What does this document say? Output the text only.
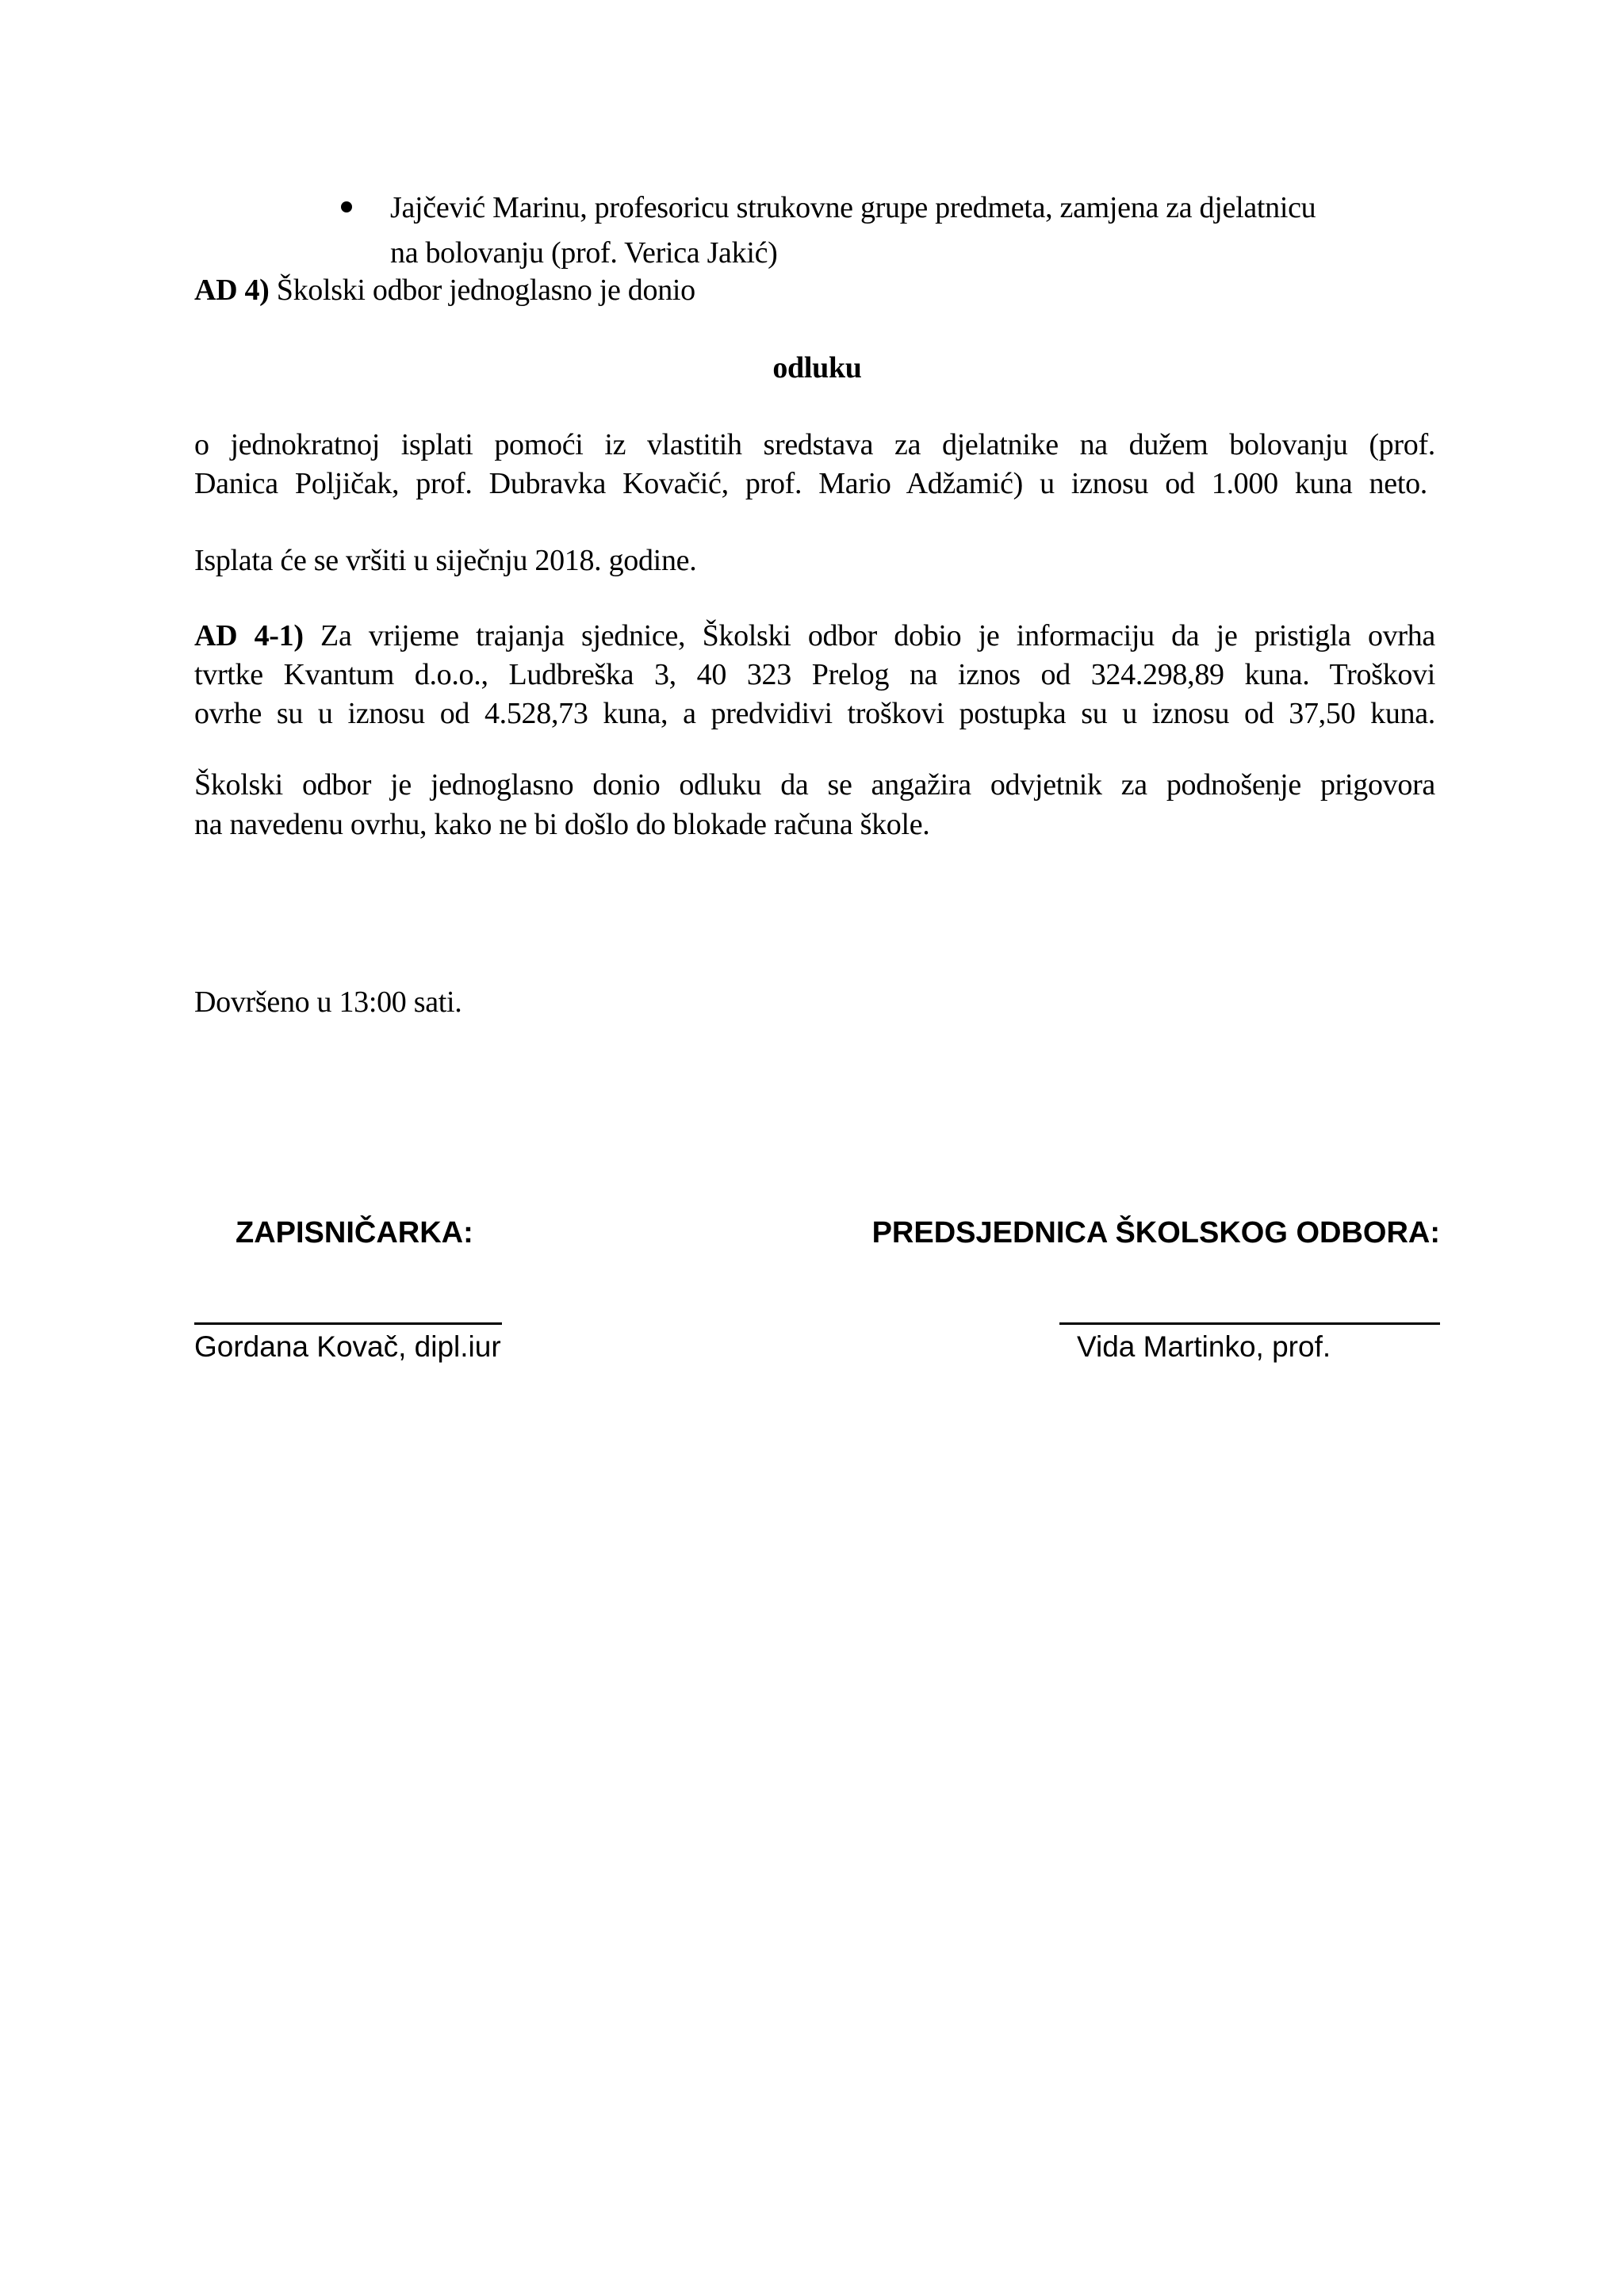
Jajčević Marinu, profesoricu strukovne grupe predmeta, zamjena za djelatnicu
na bolovanju (prof. Verica Jakić)
AD 4) Školski odbor jednoglasno je donio
odluku
o jednokratnoj isplati pomoći iz vlastitih sredstava za djelatnike na dužem bolovanju (prof.
Danica Poljičak, prof. Dubravka Kovačić, prof. Mario Adžamić) u iznosu od 1.000 kuna neto.
Isplata će se vršiti u siječnju 2018. godine.
AD 4-1) Za vrijeme trajanja sjednice, Školski odbor dobio je informaciju da je pristigla ovrha
tvrtke Kvantum d.o.o., Ludbreška 3, 40 323 Prelog na iznos od 324.298,89 kuna. Troškovi
ovrhe su u iznosu od 4.528,73 kuna, a predvidivi troškovi postupka su u iznosu od 37,50 kuna.
Školski odbor je jednoglasno donio odluku da se angažira odvjetnik za podnošenje prigovora
na navedenu ovrhu, kako ne bi došlo do blokade računa škole.
Dovršeno u 13:00 sati.
ZAPISNIČARKA:	PREDSJEDNICA ŠKOLSKOG ODBORA:
Gordana Kovač, dipl.iur	Vida Martinko, prof.
